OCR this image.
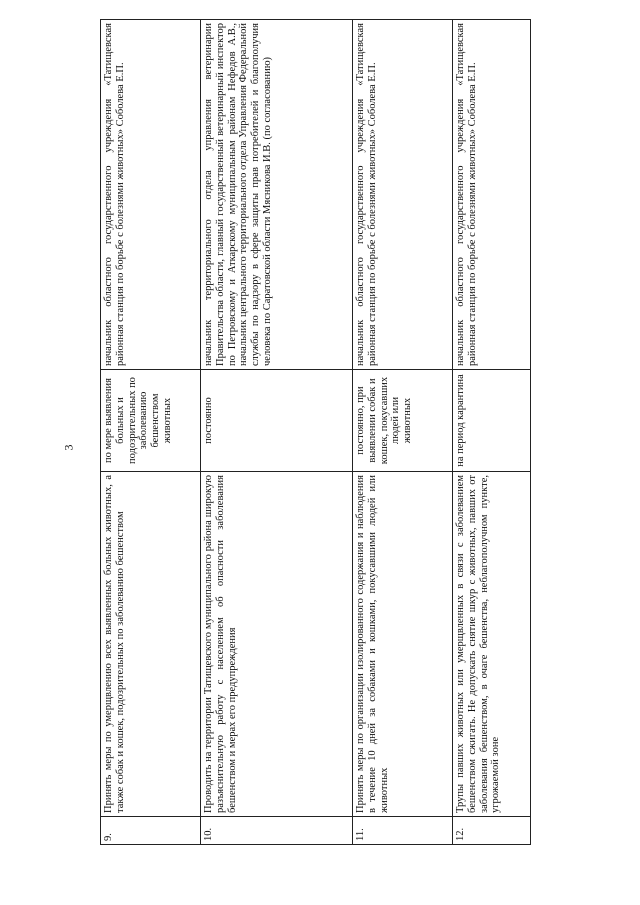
3
9.	Принять меры по умерщвлению всех выявленных больных животных, а также собак и кошек, подозрительных по заболеванию бешенством	по мере выявления больных и подозрительных по заболеванию бешенством животных	начальник областного государственного учреждения «Татищевская районная станция по борьбе с болезнями животных» Соболева Е.П.
10.	Проводить на территории Татищевского муниципального района широкую разъяснительную работу с населением об опасности заболевания бешенством и мерах его предупреждения	постоянно	начальник территориального отдела управления ветеринарии Правительства области, главный государственный ветеринарный инспектор по Петровскому и Аткарскому муниципальным районам Нефедов А.В., начальник центрального территориального отдела Управления Федеральной службы по надзору в сфере защиты прав потребителей и благополучия человека по Саратовской области Мясникова И.В. (по согласованию)
11.	Принять меры по организации изолированного содержания и наблюдения в течение 10 дней за собаками и кошками, покусавшими людей или животных	постоянно, при выявлении собак и кошек, покусавших людей или животных	начальник областного государственного учреждения «Татищевская районная станция по борьбе с болезнями животных» Соболева Е.П.
12.	Трупы павших животных или умерщвленных в связи с заболеванием бешенством сжигать. Не допускать снятие шкур с животных, павших от заболевания бешенством, в очаге бешенства, неблагополучном пункте, угрожаемой зоне	на период карантина	начальник областного государственного учреждения «Татищевская районная станция по борьбе с болезнями животных» Соболева Е.П.
